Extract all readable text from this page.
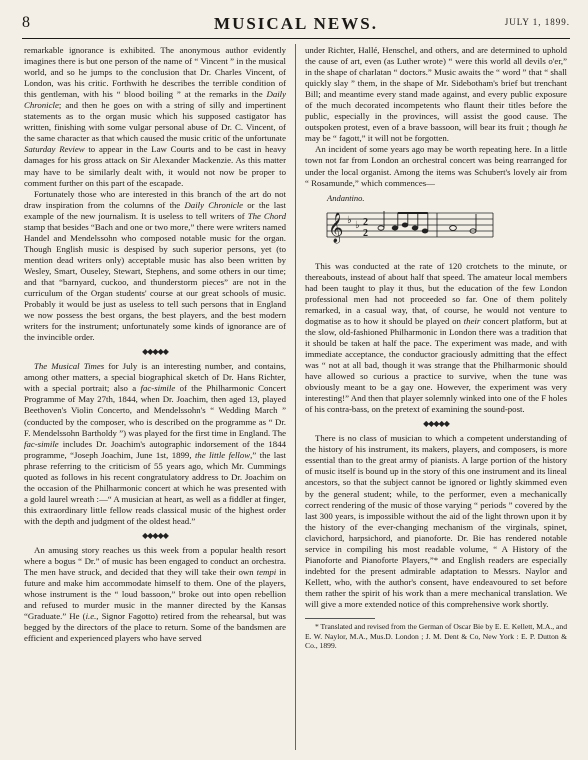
8	MUSICAL NEWS.	JULY 1, 1899.

remarkable ignorance is exhibited. The anonymous author evidently imagines there is but one person of the name of “ Vincent ” in the musical world, and so he jumps to the conclusion that Dr. Charles Vincent, of London, was his critic. Forthwith he describes the terrible condition of this gentleman, with his “ blood boiling ” at the remarks in the Daily Chronicle; and then he goes on with a string of silly and impertinent statements as to the organ music which his supposed castigator has written, finishing with some vulgar personal abuse of Dr. C. Vincent, of the same character as that which caused the music critic of the unfortunate Saturday Review to appear in the Law Courts and to be cast in heavy damages for his gross attack on Sir Alexander Mackenzie. As this matter may have to be similarly dealt with, it would not now be proper to comment further on this part of the escapade.

Fortunately those who are interested in this branch of the art do not draw inspiration from the columns of the Daily Chronicle or the last example of the new journalism. It is useless to tell writers of The Chord stamp that besides “Bach and one or two more,” there were writers named Handel and Mendelssohn who composed notable music for the organ. Though English music is despised by such superior persons, yet (to mention dead writers only) acceptable music has also been written by Wesley, Smart, Ouseley, Stewart, Stephens, and some others in our time; and that “barnyard, cuckoo, and thunderstorm pieces” are not in the curriculum of the Organ students' course at our great schools of music. Probably it would be just as useless to tell such persons that in England we now possess the best organs, the best players, and the best modern writers for the instrument; unfortunately some kinds of ignorance are of the invincible order.

◆◆◆◆◆

The Musical Times for July is an interesting number, and contains, among other matters, a special biographical sketch of Dr. Hans Richter, with a special portrait; also a fac-simile of the Philharmonic Concert Programme of May 27th, 1844, when Dr. Joachim, then aged 13, played Beethoven's Violin Concerto, and Mendelssohn's “ Wedding March ” (conducted by the composer, who is described on the programme as “ Dr. F. Mendelssohn Bartholdy ”) was played for the first time in England. The fac-simile includes Dr. Joachim's autographic indorsement of the 1844 programme, “Joseph Joachim, June 1st, 1899, the little fellow,” the last phrase referring to the criticism of 55 years ago, which Mr. Cummings quoted as follows in his recent congratulatory address to Dr. Joachim on the occasion of the Philharmonic concert at which he was presented with a gold laurel wreath :—“ A musician at heart, as well as a fiddler at finger, this extraordinary little fellow reads classical music of the highest order with the depth and judgment of the oldest head.”

◆◆◆◆◆

An amusing story reaches us this week from a popular health resort where a bogus “ Dr.” of music has been engaged to conduct an orchestra. The men have struck, and decided that they will take their own tempi in future and make him accommodate himself to them. One of the players, whose instrument is the “ loud bassoon,” broke out into open rebellion and refused to murder music in the manner directed by the Kansas “Graduate.” He (i.e., Signor Fagotto) retired from the rehearsal, but was begged by the directors of the place to return. Some of the bandsmen are efficient and experienced players who have served

under Richter, Hallé, Henschel, and others, and are determined to uphold the cause of art, even (as Luther wrote) “ were this world all devils o'er,” in the shape of charlatan “ doctors.” Music awaits the “ word ” that “ shall quickly slay ” them, in the shape of Mr. Sidebotham's brief but trenchant Bill; and meantime every stand made against, and every public exposure of the much decorated incompetents who flaunt their titles before the public, especially in the provinces, will assist the good cause. The outspoken protest, even of a brave bassoon, will bear its fruit ; though he may be “ fagott,” it will not be forgotten.

An incident of some years ago may be worth repeating here. In a little town not far from London an orchestral concert was being rearranged for under the local organist. Among the items was Schubert's lovely air from “ Rosamunde,” which commences—

Andantino.
𝄞 ♭ ♭ 2
2

This was conducted at the rate of 120 crotchets to the minute, or thereabouts, instead of about half that speed. The amateur local members had been taught to play it thus, but the education of the few London professional men had not proceeded so far. One of them politely remarked, in a casual way, that, of course, he would not venture to dogmatise as to how it should be played on their concert platform, but at the slow, old-fashioned Philharmonic in London there was a tradition that it should be taken at half the pace. The experiment was made, and with immediate acceptance, the conductor graciously admitting that the effect was “ not at all bad, though it was strange that the Philharmonic should have allowed so curious a practice to survive, when the tune was obviously meant to be a gay one. However, the experiment was very interesting!” And then that player solemnly winked into one of the F holes of his contra-bass, on the pretext of examining the sound-post.

◆◆◆◆◆

There is no class of musician to which a competent understanding of the history of his instrument, its makers, players, and composers, is more essential than to the great army of pianists. A large portion of the history of music itself is bound up in the story of this one instrument and its lineal ancestors, so that the subject cannot be ignored or lightly skimmed even by the general student; while, to the performer, even a mechanically correct rendering of the music of those varying “ periods ” covered by the last 300 years, is impossible without the aid of the light thrown upon it by the history of the ever-changing mechanism of the virginals, spinet, clavichord, harpsichord, and pianoforte. Dr. Bie has rendered notable service in compiling his most readable volume, “ A History of the Pianoforte and Pianoforte Players,”* and English readers are especially indebted for the present admirable adaptation to Messrs. Naylor and Kellett, who, with the author's consent, have endeavoured to set before them rather the spirit of his work than a mere mechanical translation. We will give a more extended notice of this comprehensive work shortly.

* Translated and revised from the German of Oscar Bie by E. E. Kellett, M.A., and E. W. Naylor, M.A., Mus.D. London ; J. M. Dent & Co, New York : E. P. Dutton & Co., 1899.
